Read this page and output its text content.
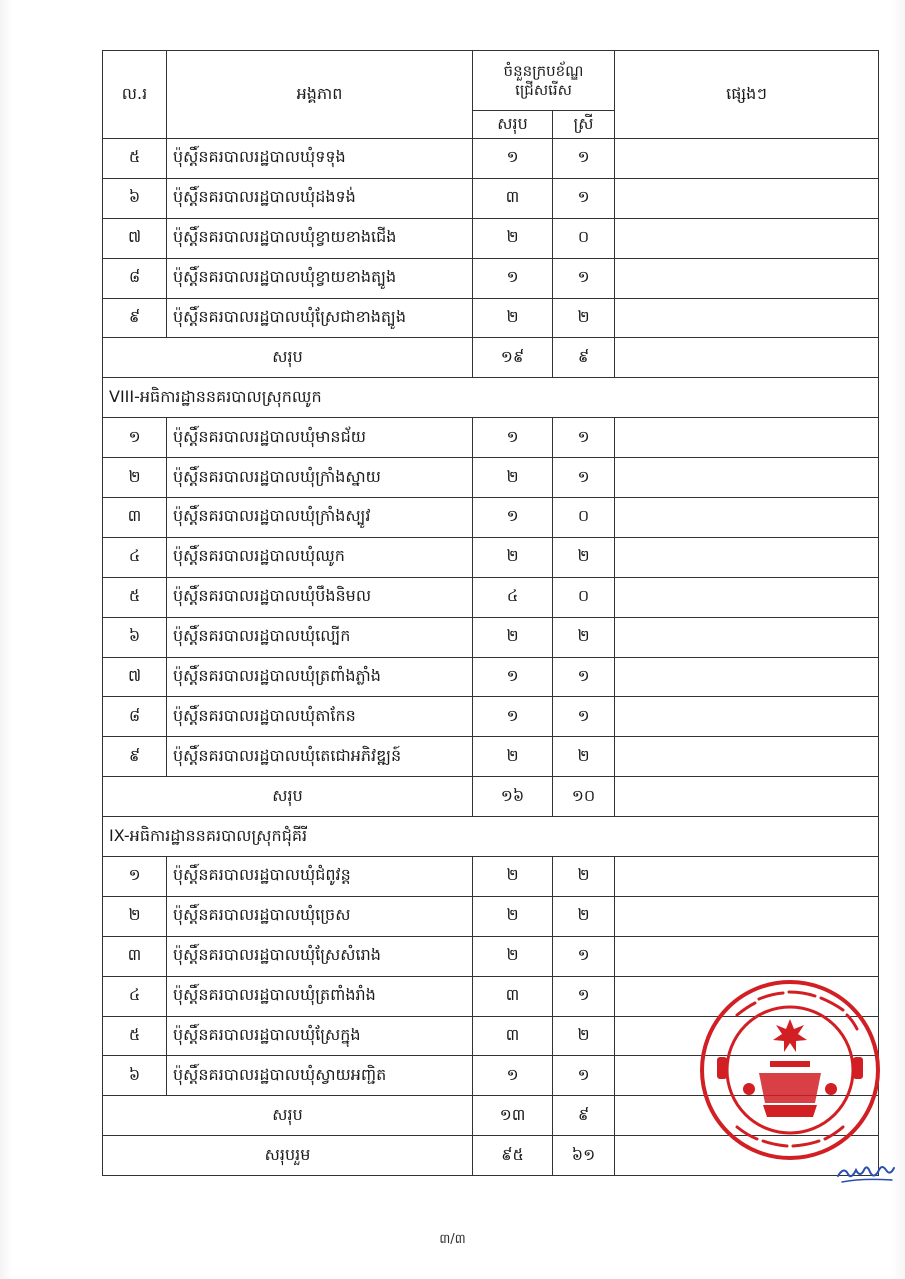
ល.រ	អង្គភាព	ចំនួនក្របខ័ណ្ឌ ជ្រើសរើស		ផ្សេងៗ
		សរុប	ស្រី	
៥	ប៉ុស្តិ៍នគរបាលរដ្ឋបាលឃុំទទុង	១	១	
៦	ប៉ុស្តិ៍នគរបាលរដ្ឋបាលឃុំដងទង់	៣	១	
៧	ប៉ុស្តិ៍នគរបាលរដ្ឋបាលឃុំខ្វាយខាងជើង	២	០	
៨	ប៉ុស្តិ៍នគរបាលរដ្ឋបាលឃុំខ្វាយខាងត្បូង	១	១	
៩	ប៉ុស្តិ៍នគរបាលរដ្ឋបាលឃុំស្រែជាខាងត្បូង	២	២	
សរុប		១៩	៩	
VIII-អធិការដ្ឋាននគរបាលស្រុកឈូក				
១	ប៉ុស្តិ៍នគរបាលរដ្ឋបាលឃុំមានជ័យ	១	១	
២	ប៉ុស្តិ៍នគរបាលរដ្ឋបាលឃុំក្រាំងស្នាយ	២	១	
៣	ប៉ុស្តិ៍នគរបាលរដ្ឋបាលឃុំក្រាំងស្បូវ	១	០	
៤	ប៉ុស្តិ៍នគរបាលរដ្ឋបាលឃុំឈូក	២	២	
៥	ប៉ុស្តិ៍នគរបាលរដ្ឋបាលឃុំបឹងនិមល	៤	០	
៦	ប៉ុស្តិ៍នគរបាលរដ្ឋបាលឃុំល្បើក	២	២	
៧	ប៉ុស្តិ៍នគរបាលរដ្ឋបាលឃុំត្រពាំងភ្លាំង	១	១	
៨	ប៉ុស្តិ៍នគរបាលរដ្ឋបាលឃុំតាកែន	១	១	
៩	ប៉ុស្តិ៍នគរបាលរដ្ឋបាលឃុំតេជោអភិវឌ្ឍន៍	២	២	
សរុប		១៦	១០	
IX-អធិការដ្ឋាននគរបាលស្រុកជុំគីរី				
១	ប៉ុស្តិ៍នគរបាលរដ្ឋបាលឃុំជំពូវន្ត	២	២	
២	ប៉ុស្តិ៍នគរបាលរដ្ឋបាលឃុំច្រេស	២	២	
៣	ប៉ុស្តិ៍នគរបាលរដ្ឋបាលឃុំស្រែសំរោង	២	១	
៤	ប៉ុស្តិ៍នគរបាលរដ្ឋបាលឃុំត្រពាំងរាំង	៣	១	
៥	ប៉ុស្តិ៍នគរបាលរដ្ឋបាលឃុំស្រែក្នុង	៣	២	
៦	ប៉ុស្តិ៍នគរបាលរដ្ឋបាលឃុំស្វាយអញ្ជិត	១	១	
សរុប		១៣	៩	
សរុបរួម		៩៥	៦១	
៣/៣
